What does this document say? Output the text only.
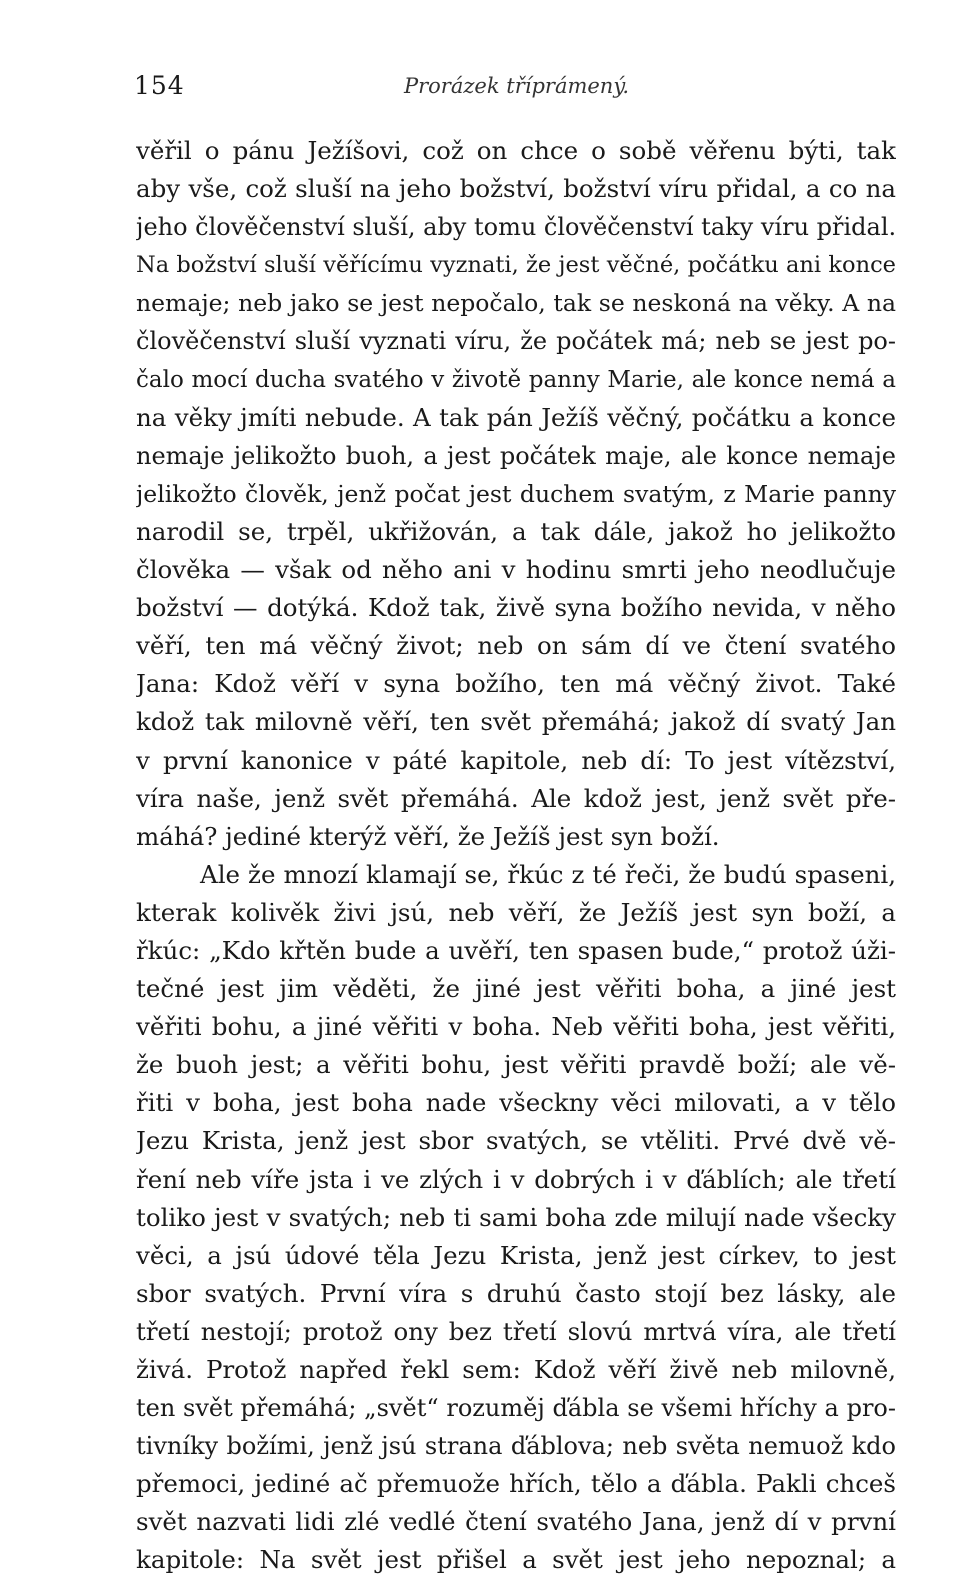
154	Prorázek tříprámený.
věřil o pánu Ježíšovi, což on chce o sobě věřenu býti, tak
aby vše, což sluší na jeho božství, božství víru přidal, a co na
jeho člověčenství sluší, aby tomu člověčenství taky víru přidal.
Na božství sluší věřícímu vyznati, že jest věčné, počátku ani konce
nemaje; neb jako se jest nepočalo, tak se neskoná na věky. A na
člověčenství sluší vyznati víru, že počátek má; neb se jest po-
čalo mocí ducha svatého v životě panny Marie, ale konce nemá a
na věky jmíti nebude. A tak pán Ježíš věčný, počátku a konce
nemaje jelikožto buoh, a jest počátek maje, ale konce nemaje
jelikožto člověk, jenž počat jest duchem svatým, z Marie panny
narodil se, trpěl, ukřižován, a tak dále, jakož ho jelikožto
člověka — však od něho ani v hodinu smrti jeho neodlučuje
božství — dotýká. Kdož tak, živě syna božího nevida, v něho
věří, ten má věčný život; neb on sám dí ve čtení svatého
Jana: Kdož věří v syna božího, ten má věčný život. Také
kdož tak milovně věří, ten svět přemáhá; jakož dí svatý Jan
v první kanonice v páté kapitole, neb dí: To jest vítězství,
víra naše, jenž svět přemáhá. Ale kdož jest, jenž svět pře-
máhá? jediné kterýž věří, že Ježíš jest syn boží.
Ale že mnozí klamají se, řkúc z té řeči, že budú spaseni,
kterak kolivěk živi jsú, neb věří, že Ježíš jest syn boží, a
řkúc: „Kdo křtěn bude a uvěří, ten spasen bude,“ protož úži-
tečné jest jim věděti, že jiné jest věřiti boha, a jiné jest
věřiti bohu, a jiné věřiti v boha. Neb věřiti boha, jest věřiti,
že buoh jest; a věřiti bohu, jest věřiti pravdě boží; ale vě-
řiti v boha, jest boha nade všeckny věci milovati, a v tělo
Jezu Krista, jenž jest sbor svatých, se vtěliti. Prvé dvě vě-
ření neb víře jsta i ve zlých i v dobrých i v ďáblích; ale třetí
toliko jest v svatých; neb ti sami boha zde milují nade všecky
věci, a jsú údové těla Jezu Krista, jenž jest církev, to jest
sbor svatých. První víra s druhú často stojí bez lásky, ale
třetí nestojí; protož ony bez třetí slovú mrtvá víra, ale třetí
živá. Protož napřed řekl sem: Kdož věří živě neb milovně,
ten svět přemáhá; „svět“ rozuměj ďábla se všemi hříchy a pro-
tivníky božími, jenž jsú strana ďáblova; neb světa nemuož kdo
přemoci, jediné ač přemuože hřích, tělo a ďábla. Pakli chceš
svět nazvati lidi zlé vedlé čtení svatého Jana, jenž dí v první
kapitole: Na svět jest přišel a svět jest jeho nepoznal; a
